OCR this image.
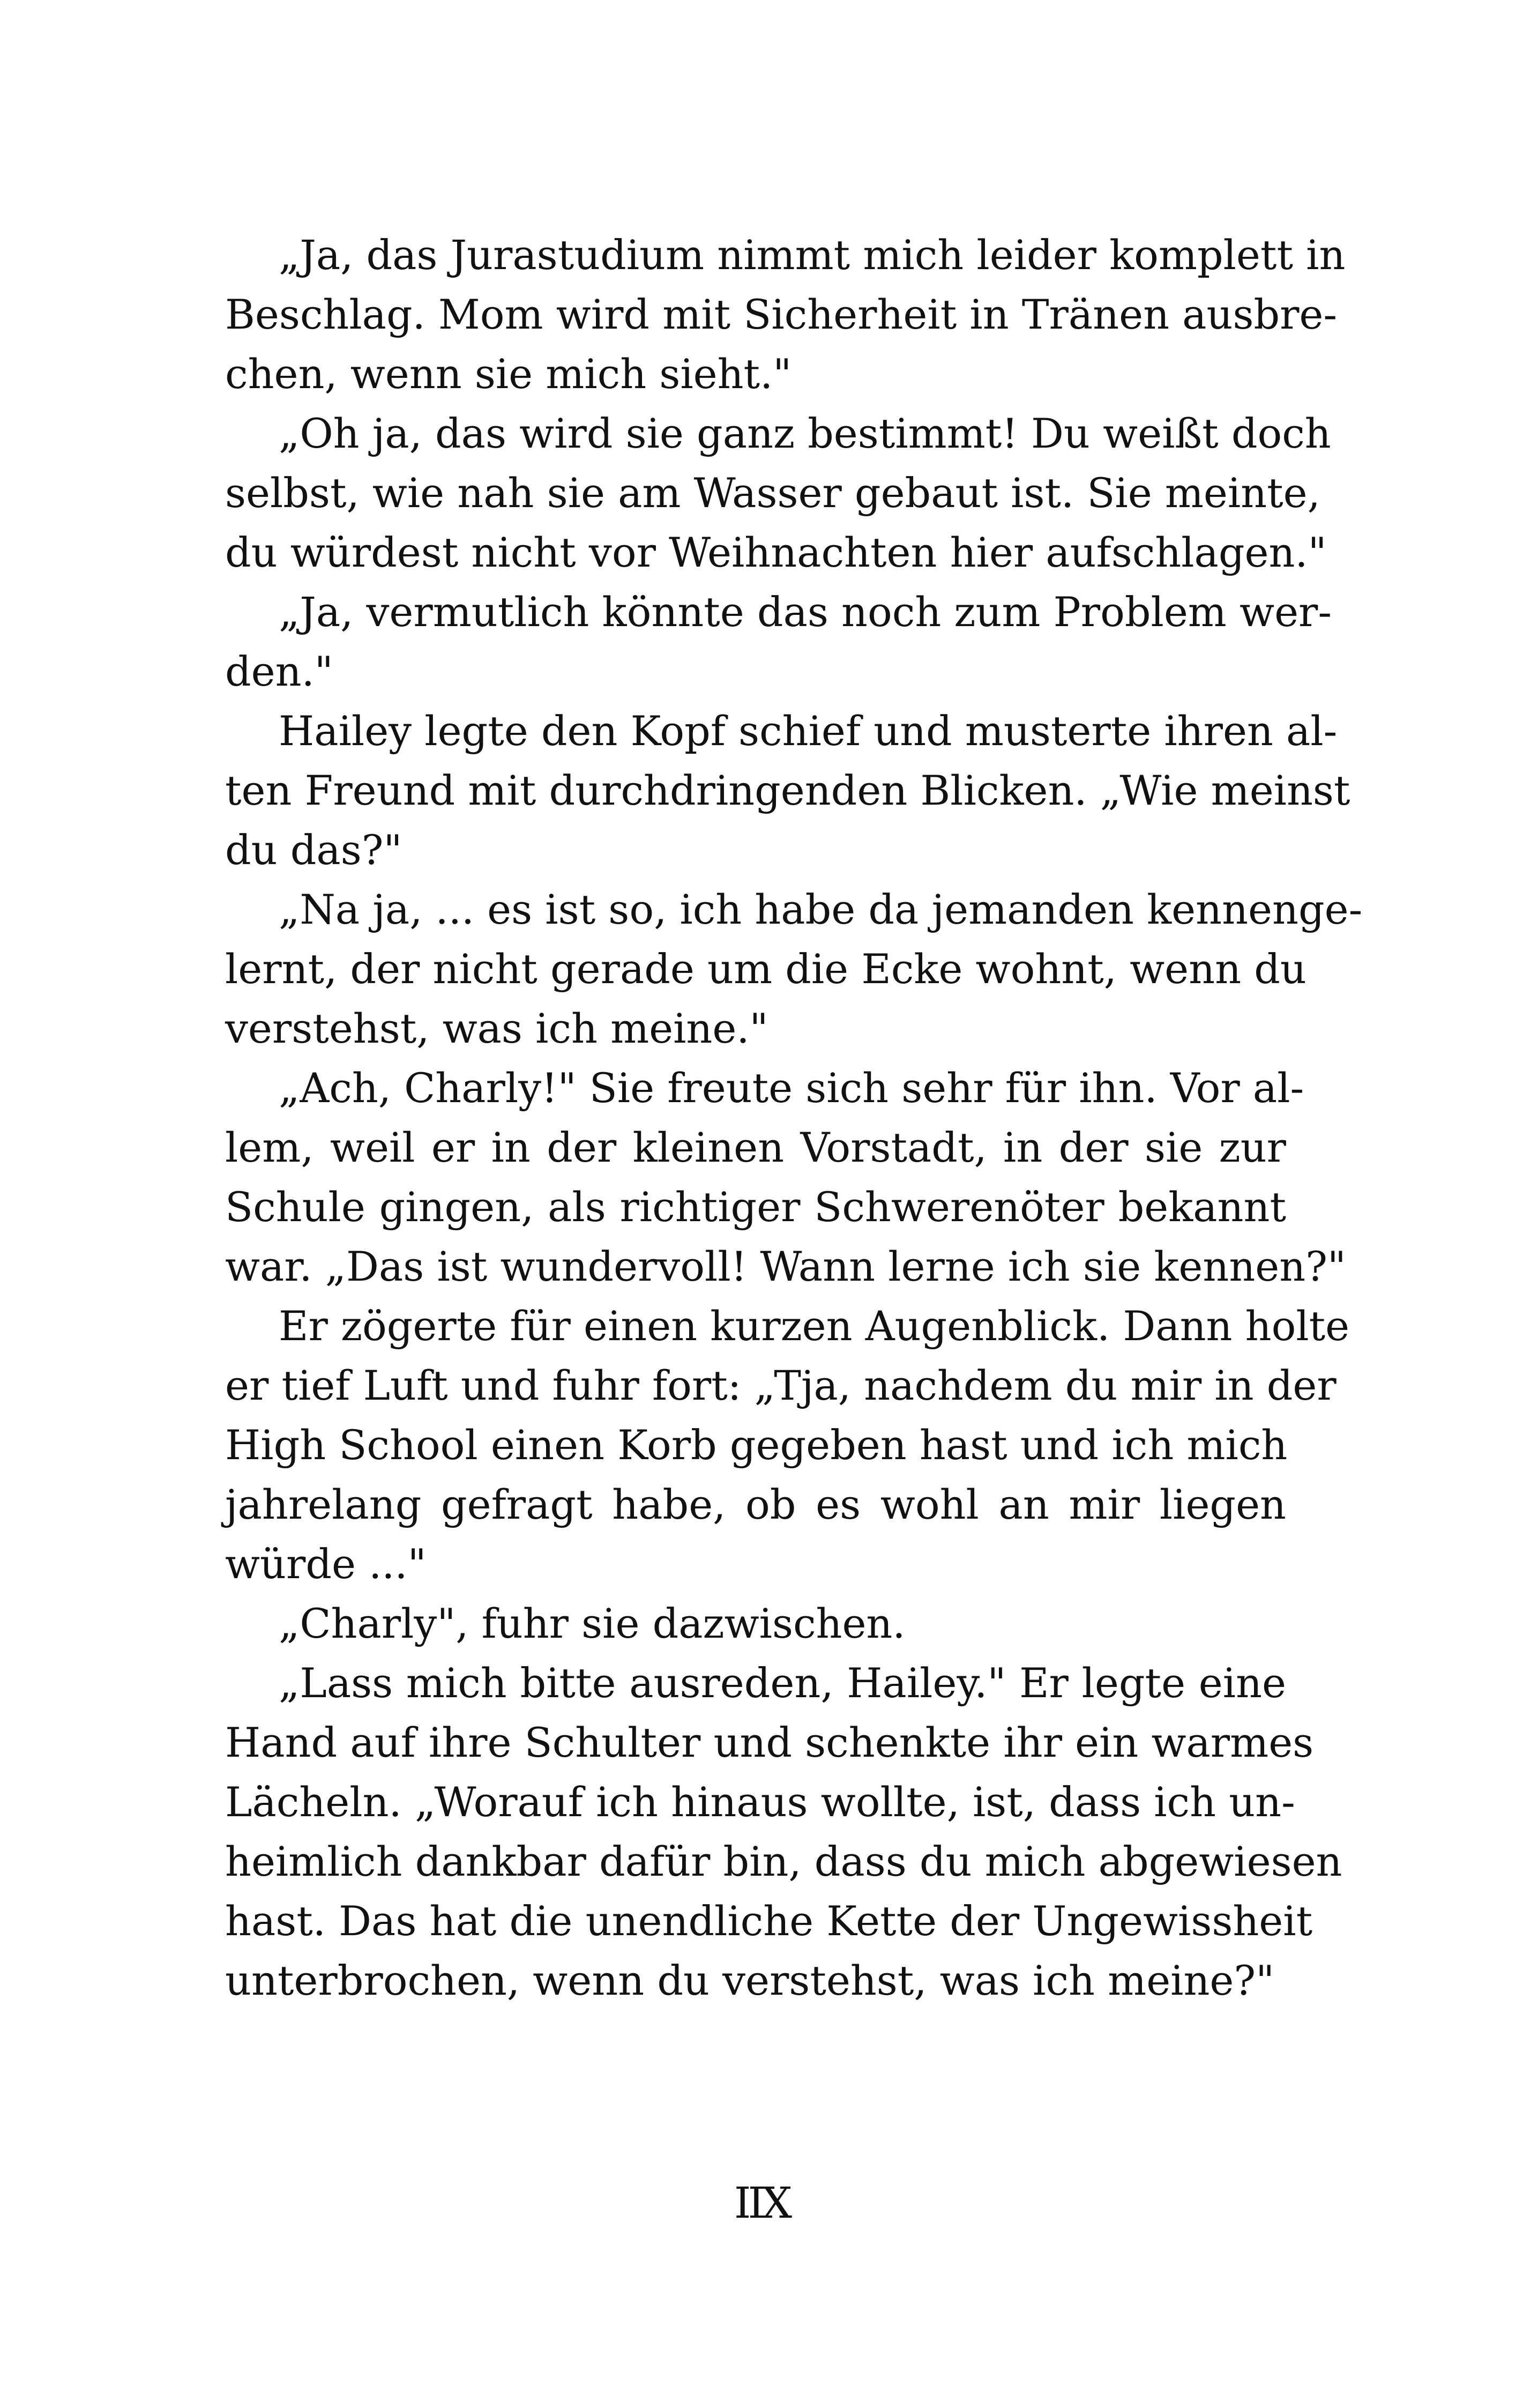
„Ja, das Jurastudium nimmt mich leider komplett in
Beschlag. Mom wird mit Sicherheit in Tränen ausbre-
chen, wenn sie mich sieht."

„Oh ja, das wird sie ganz bestimmt! Du weißt doch
selbst, wie nah sie am Wasser gebaut ist. Sie meinte,
du würdest nicht vor Weihnachten hier aufschlagen."

„Ja, vermutlich könnte das noch zum Problem wer-
den."

Hailey legte den Kopf schief und musterte ihren al-
ten Freund mit durchdringenden Blicken. „Wie meinst
du das?"

„Na ja, ... es ist so, ich habe da jemanden kennenge-
lernt, der nicht gerade um die Ecke wohnt, wenn du
verstehst, was ich meine."

„Ach, Charly!" Sie freute sich sehr für ihn. Vor al-
lem, weil er in der kleinen Vorstadt, in der sie zur
Schule gingen, als richtiger Schwerenöter bekannt
war. „Das ist wundervoll! Wann lerne ich sie kennen?"

Er zögerte für einen kurzen Augenblick. Dann holte
er tief Luft und fuhr fort: „Tja, nachdem du mir in der
High School einen Korb gegeben hast und ich mich
jahrelang gefragt habe, ob es wohl an mir liegen
würde ..."

„Charly", fuhr sie dazwischen.

„Lass mich bitte ausreden, Hailey." Er legte eine
Hand auf ihre Schulter und schenkte ihr ein warmes
Lächeln. „Worauf ich hinaus wollte, ist, dass ich un-
heimlich dankbar dafür bin, dass du mich abgewiesen
hast. Das hat die unendliche Kette der Ungewissheit
unterbrochen, wenn du verstehst, was ich meine?"

IIX
